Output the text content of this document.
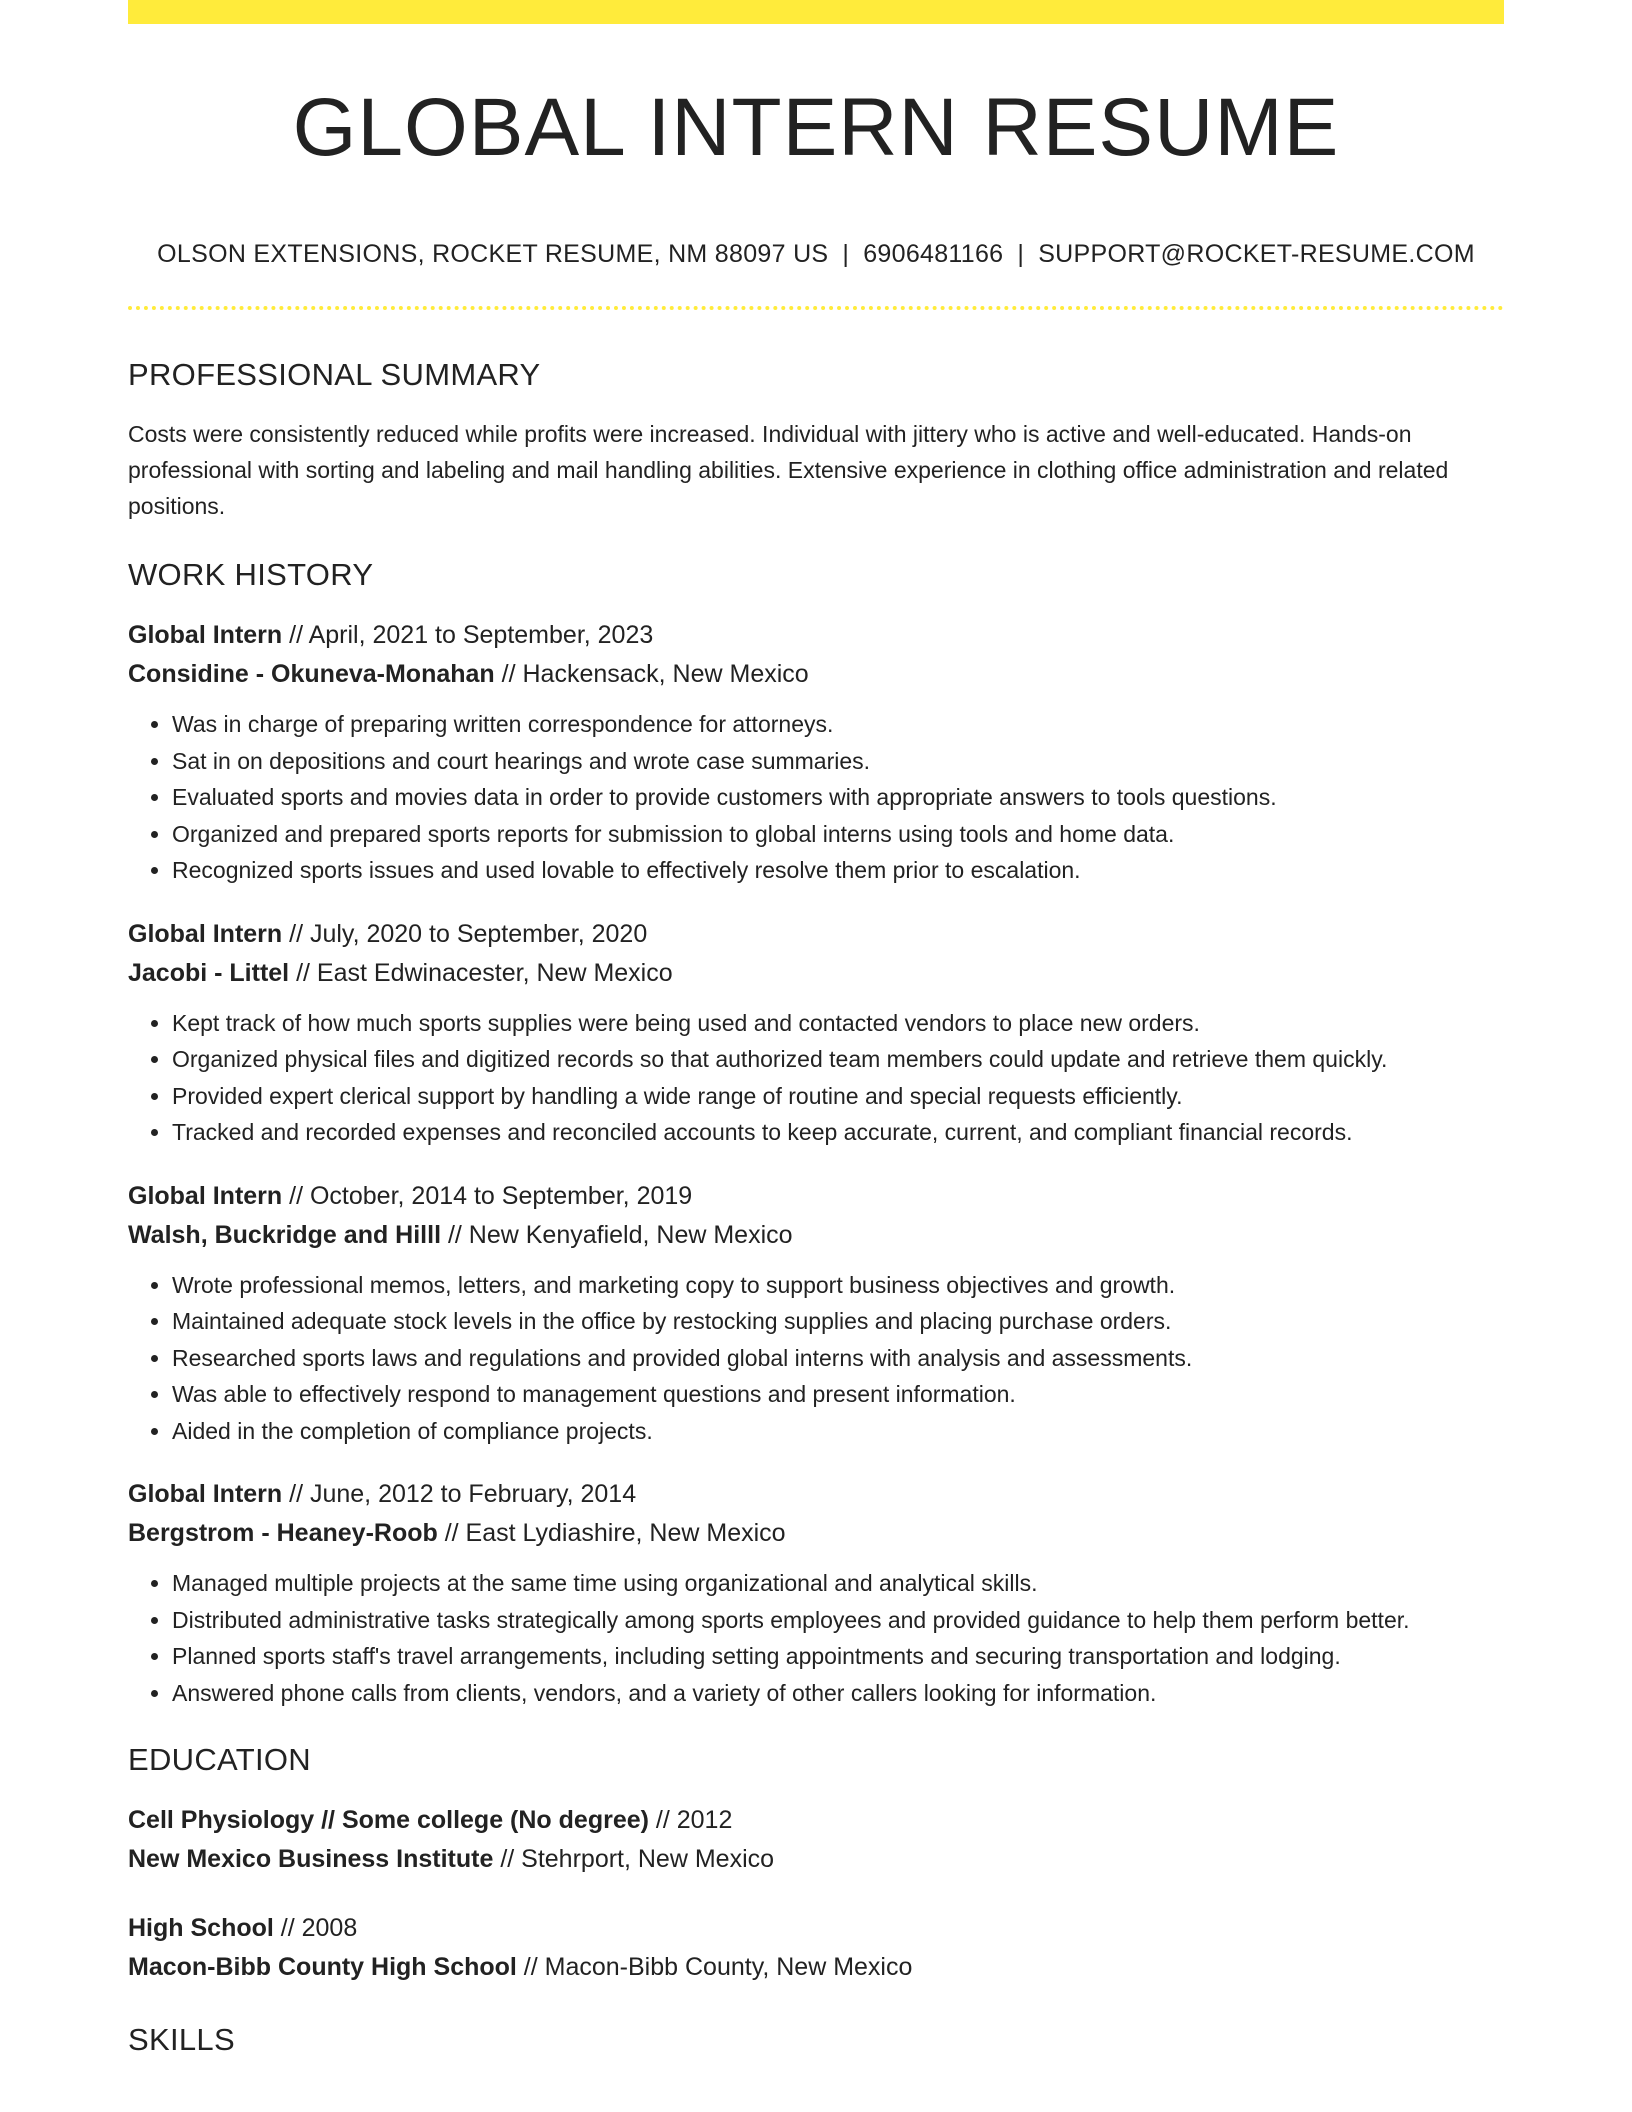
GLOBAL INTERN RESUME
OLSON EXTENSIONS, ROCKET RESUME, NM 88097 US | 6906481166 | SUPPORT@ROCKET-RESUME.COM
PROFESSIONAL SUMMARY

Costs were consistently reduced while profits were increased. Individual with jittery who is active and well-educated. Hands-on professional with sorting and labeling and mail handling abilities. Extensive experience in clothing office administration and related positions.

WORK HISTORY
Global Intern // April, 2021 to September, 2023
Considine - Okuneva-Monahan // Hackensack, New Mexico
• Was in charge of preparing written correspondence for attorneys.
• Sat in on depositions and court hearings and wrote case summaries.
• Evaluated sports and movies data in order to provide customers with appropriate answers to tools questions.
• Organized and prepared sports reports for submission to global interns using tools and home data.
• Recognized sports issues and used lovable to effectively resolve them prior to escalation.
Global Intern // July, 2020 to September, 2020
Jacobi - Littel // East Edwinacester, New Mexico
• Kept track of how much sports supplies were being used and contacted vendors to place new orders.
• Organized physical files and digitized records so that authorized team members could update and retrieve them quickly.
• Provided expert clerical support by handling a wide range of routine and special requests efficiently.
• Tracked and recorded expenses and reconciled accounts to keep accurate, current, and compliant financial records.
Global Intern // October, 2014 to September, 2019
Walsh, Buckridge and Hilll // New Kenyafield, New Mexico
• Wrote professional memos, letters, and marketing copy to support business objectives and growth.
• Maintained adequate stock levels in the office by restocking supplies and placing purchase orders.
• Researched sports laws and regulations and provided global interns with analysis and assessments.
• Was able to effectively respond to management questions and present information.
• Aided in the completion of compliance projects.
Global Intern // June, 2012 to February, 2014
Bergstrom - Heaney-Roob // East Lydiashire, New Mexico
• Managed multiple projects at the same time using organizational and analytical skills.
• Distributed administrative tasks strategically among sports employees and provided guidance to help them perform better.
• Planned sports staff's travel arrangements, including setting appointments and securing transportation and lodging.
• Answered phone calls from clients, vendors, and a variety of other callers looking for information.
EDUCATION
Cell Physiology // Some college (No degree) // 2012
New Mexico Business Institute // Stehrport, New Mexico
High School // 2008
Macon-Bibb County High School // Macon-Bibb County, New Mexico
SKILLS
